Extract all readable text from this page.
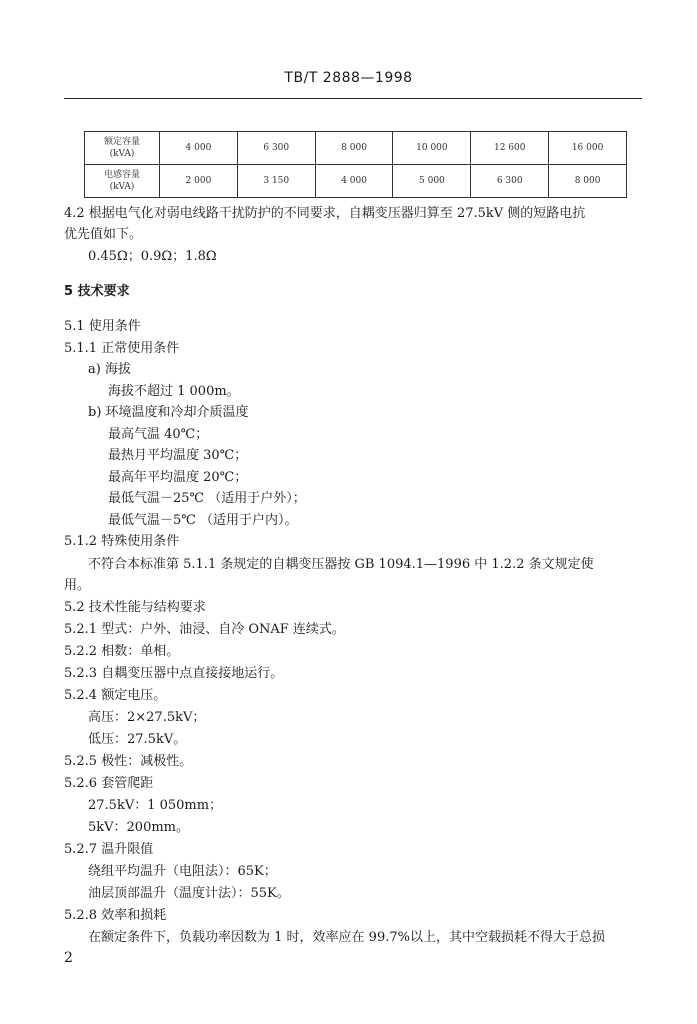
TB/T 2888—1998
额定容量
(kVA)	4 000	6 300	8 000	10 000	12 600	16 000
电感容量
(kVA)	2 000	3 150	4 000	5 000	6 300	8 000
4.2 根据电气化对弱电线路干扰防护的不同要求，自耦变压器归算至 27.5kV 侧的短路电抗
优先值如下。
0.45Ω；0.9Ω；1.8Ω
5 技术要求
5.1 使用条件
5.1.1 正常使用条件
a) 海拔
海拔不超过 1 000m。
b) 环境温度和冷却介质温度
最高气温 40℃；
最热月平均温度 30℃；
最高年平均温度 20℃；
最低气温－25℃ （适用于户外）；
最低气温－5℃ （适用于户内）。
5.1.2 特殊使用条件
不符合本标准第 5.1.1 条规定的自耦变压器按 GB 1094.1—1996 中 1.2.2 条文规定使
用。
5.2 技术性能与结构要求
5.2.1 型式：户外、油浸、自冷 ONAF 连续式。
5.2.2 相数：单相。
5.2.3 自耦变压器中点直接接地运行。
5.2.4 额定电压。
高压：2×27.5kV；
低压：27.5kV。
5.2.5 极性：减极性。
5.2.6 套管爬距
27.5kV：1 050mm；
5kV：200mm。
5.2.7 温升限值
绕组平均温升（电阻法）：65K；
油层顶部温升（温度计法）：55K。
5.2.8 效率和损耗
在额定条件下，负载功率因数为 1 时，效率应在 99.7%以上，其中空载损耗不得大于总损
2
